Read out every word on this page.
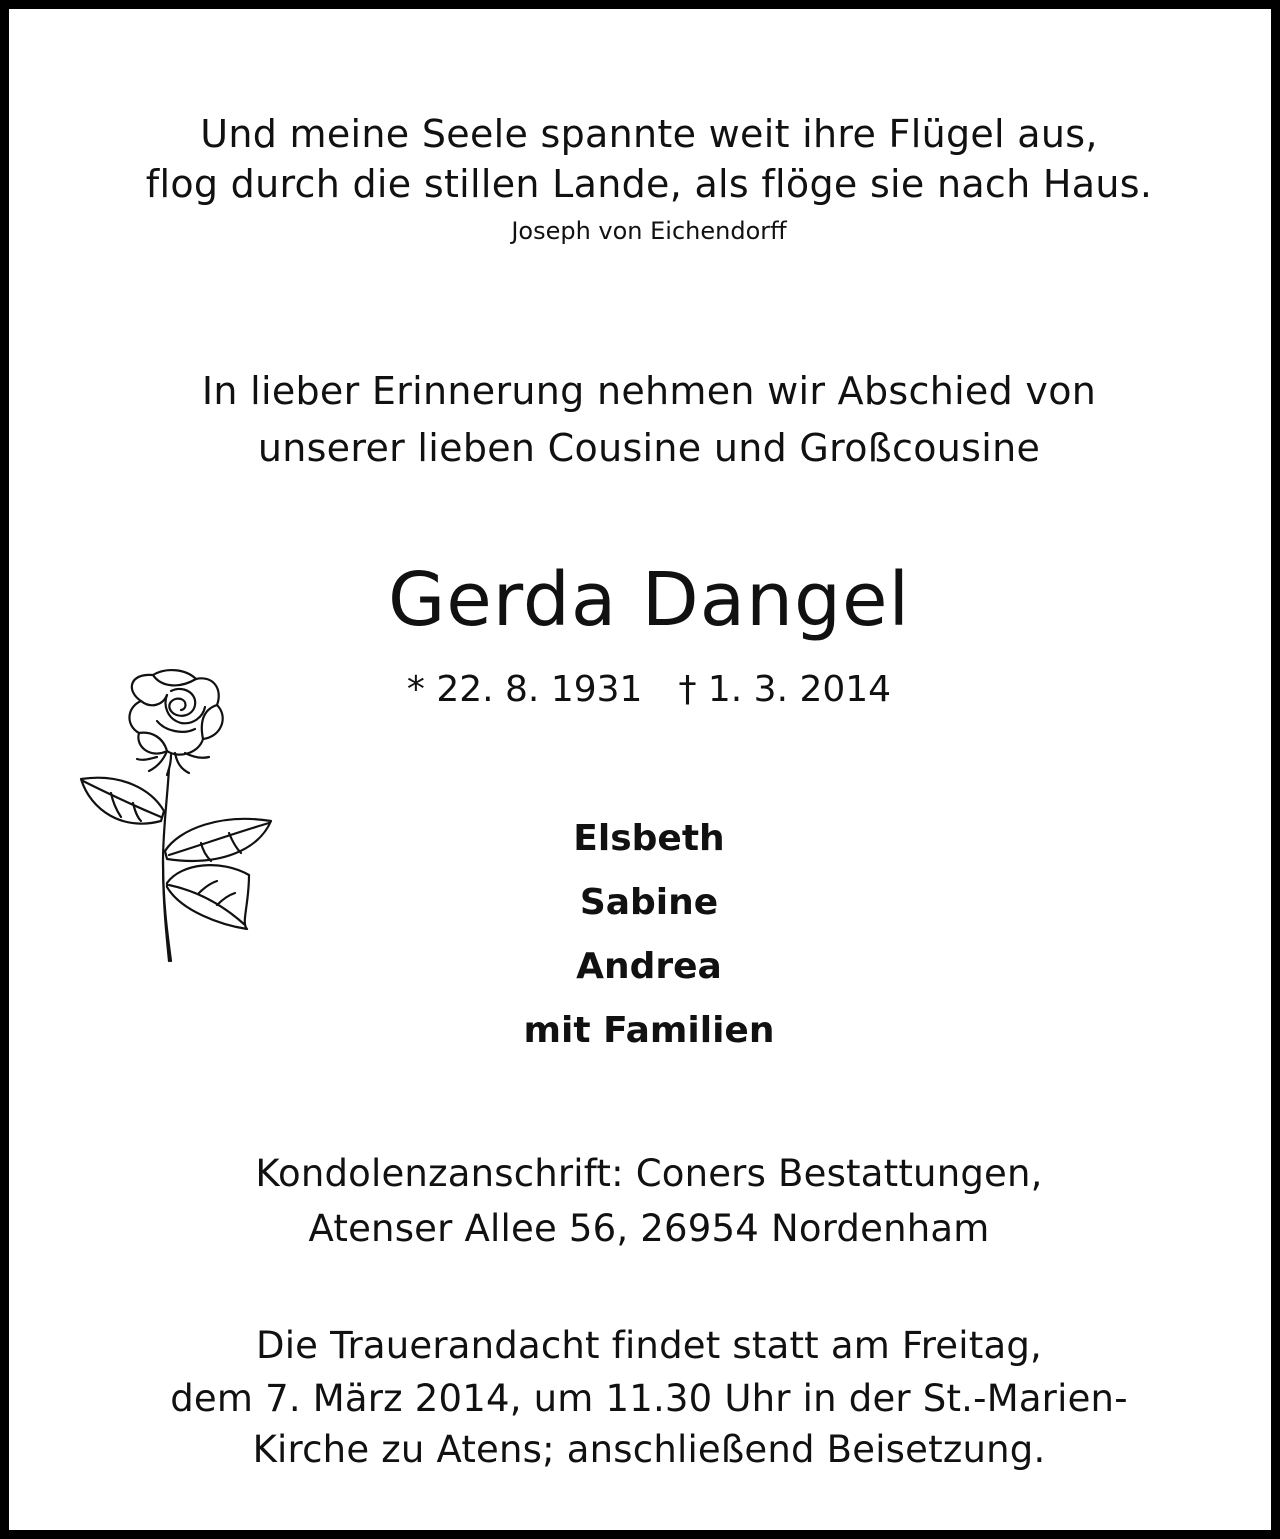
Und meine Seele spannte weit ihre Flügel aus,
flog durch die stillen Lande, als flöge sie nach Haus.
Joseph von Eichendorff
In lieber Erinnerung nehmen wir Abschied von
unserer lieben Cousine und Großcousine
Gerda Dangel
* 22. 8. 1931 † 1. 3. 2014
Elsbeth
Sabine
Andrea
mit Familien
Kondolenzanschrift: Coners Bestattungen,
Atenser Allee 56, 26954 Nordenham
Die Trauerandacht findet statt am Freitag,
dem 7. März 2014, um 11.30 Uhr in der St.-Marien-
Kirche zu Atens; anschließend Beisetzung.
